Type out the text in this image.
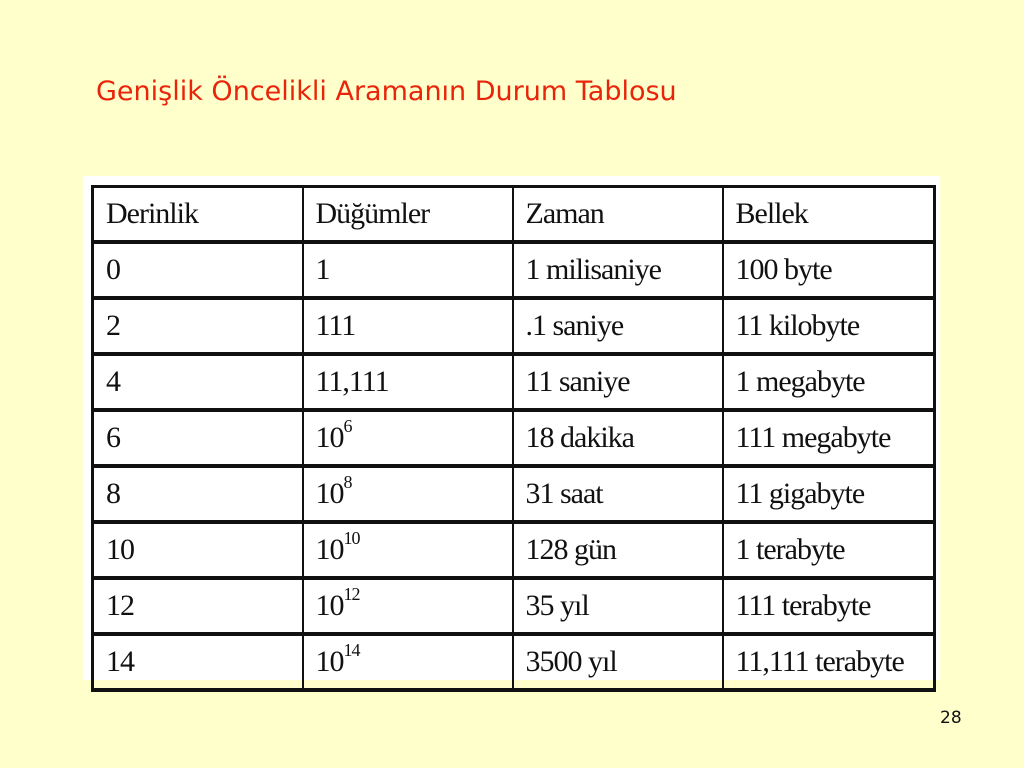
Genişlik Öncelikli Aramanın Durum Tablosu
Derinlik	Düğümler	Zaman	Bellek
0	1	1 milisaniye	100 byte
2	111	.1 saniye	11 kilobyte
4	11,111	11 saniye	1 megabyte
6	$10^6$	18 dakika	111 megabyte
8	$10^8$	31 saat	11 gigabyte
10	$10^{10}$	128 gün	1 terabyte
12	$10^{12}$	35 yıl	111 terabyte
14	$10^{14}$	3500 yıl	11,111 terabyte
28
